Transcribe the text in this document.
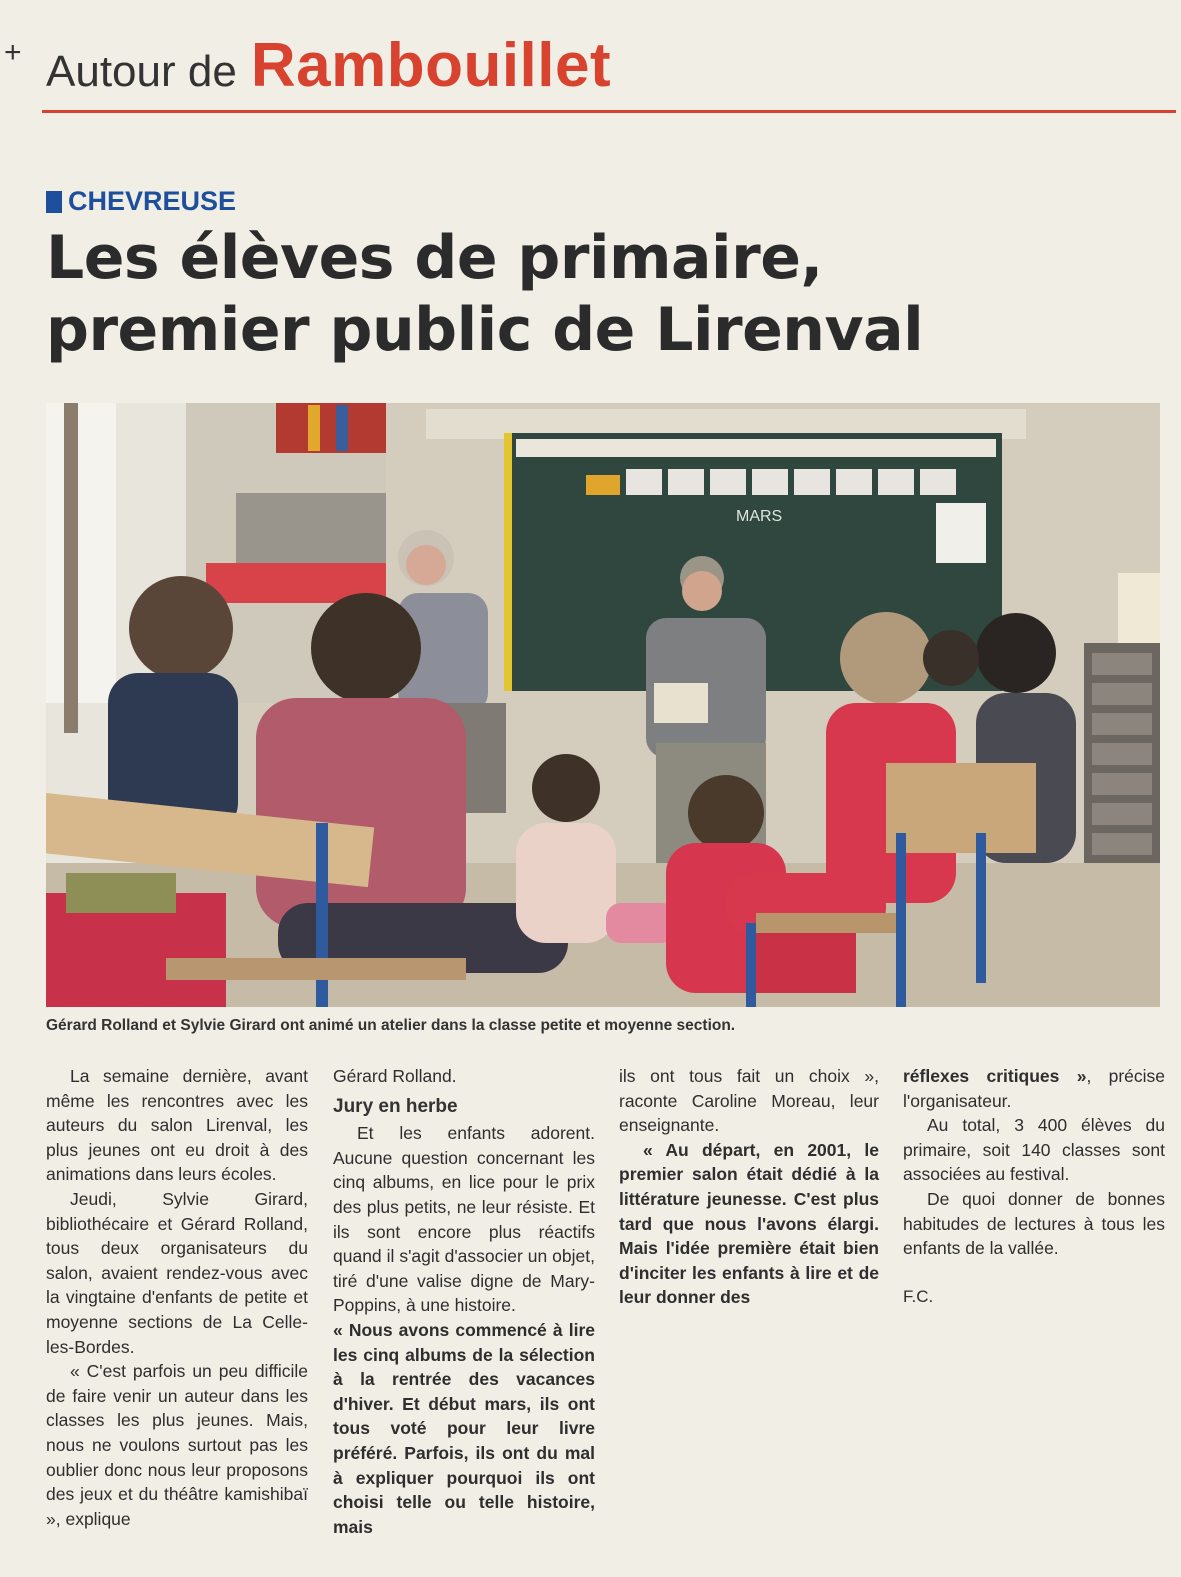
+ Autour de Rambouillet
CHEVREUSE
Les élèves de primaire,
premier public de Lirenval
MARS
Gérard Rolland et Sylvie Girard ont animé un atelier dans la classe petite et moyenne section.

La semaine dernière, avant même les rencontres avec les auteurs du salon Lirenval, les plus jeunes ont eu droit à des animations dans leurs écoles.

Jeudi, Sylvie Girard, bibliothécaire et Gérard Rolland, tous deux organisateurs du salon, avaient rendez-vous avec la vingtaine d'enfants de petite et moyenne sections de La Celle-les-Bordes.

« C'est parfois un peu difficile de faire venir un auteur dans les classes les plus jeunes. Mais, nous ne voulons surtout pas les oublier donc nous leur proposons des jeux et du théâtre kamishibaï », explique

Gérard Rolland.

Jury en herbe

Et les enfants adorent. Aucune question concernant les cinq albums, en lice pour le prix des plus petits, ne leur résiste. Et ils sont encore plus réactifs quand il s'agit d'associer un objet, tiré d'une valise digne de Mary-Poppins, à une histoire.

« Nous avons commencé à lire les cinq albums de la sélection à la rentrée des vacances d'hiver. Et début mars, ils ont tous voté pour leur livre préféré. Parfois, ils ont du mal à expliquer pourquoi ils ont choisi telle ou telle histoire, mais

ils ont tous fait un choix », raconte Caroline Moreau, leur enseignante.

« Au départ, en 2001, le premier salon était dédié à la littérature jeunesse. C'est plus tard que nous l'avons élargi. Mais l'idée première était bien d'inciter les enfants à lire et de leur donner des

réflexes critiques », précise l'organisateur.

Au total, 3 400 élèves du primaire, soit 140 classes sont associées au festival.

De quoi donner de bonnes habitudes de lectures à tous les enfants de la vallée.

F.C.
